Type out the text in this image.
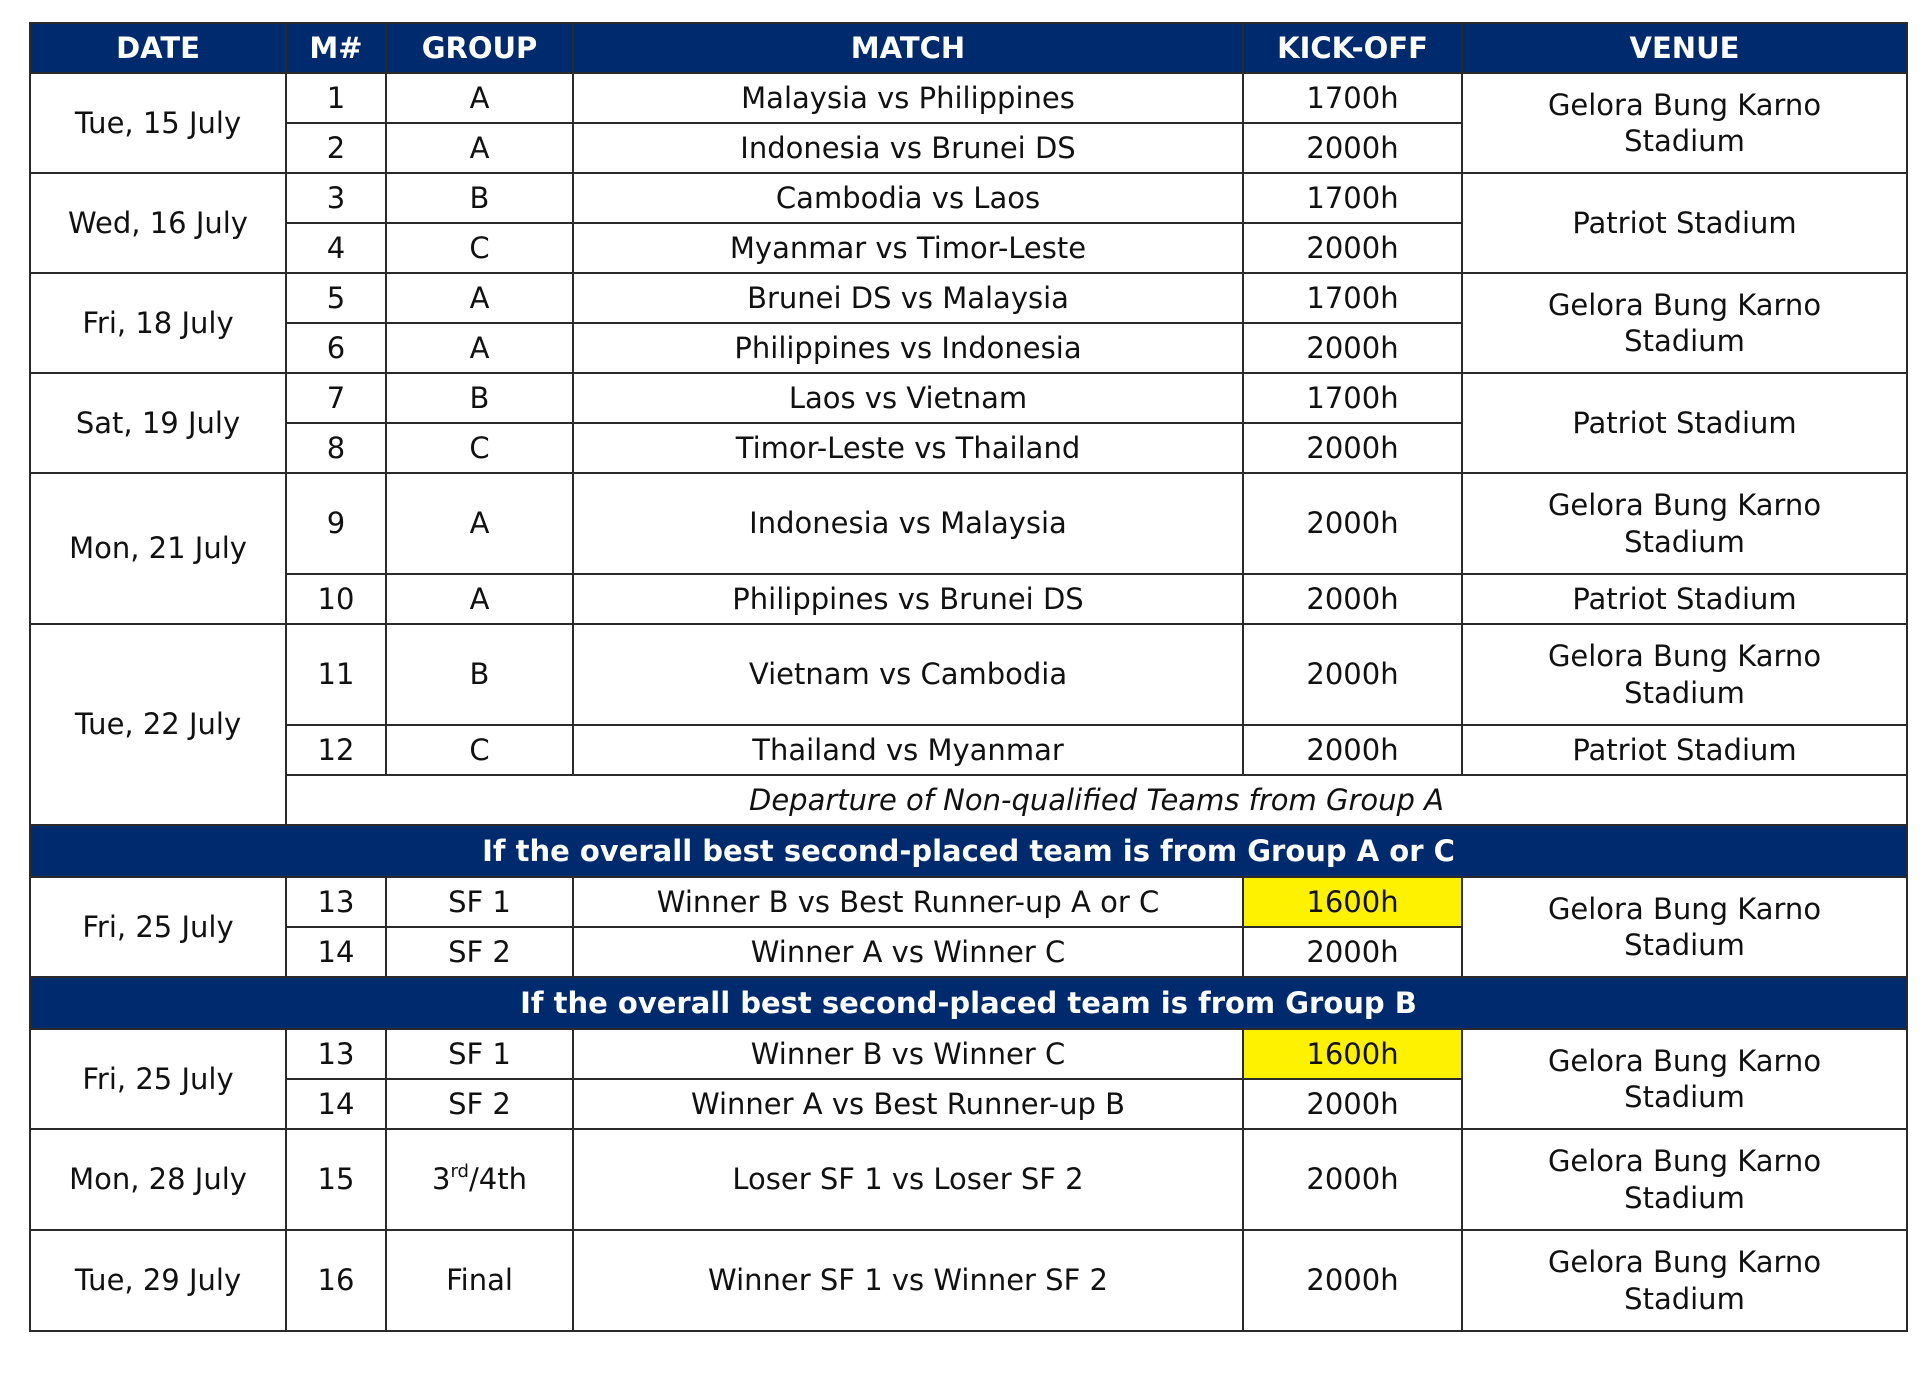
DATE	M#	GROUP	MATCH	KICK-OFF	VENUE
Tue, 15 July	1	A	Malaysia vs Philippines	1700h	Gelora Bung Karno
Stadium

	2	A	Indonesia vs Brunei DS	2000h	
Wed, 16 July	3	B	Cambodia vs Laos	1700h	Patriot Stadium
	4	C	Myanmar vs Timor-Leste	2000h	
Fri, 18 July	5	A	Brunei DS vs Malaysia	1700h	Gelora Bung Karno
Stadium

	6	A	Philippines vs Indonesia	2000h	
Sat, 19 July	7	B	Laos vs Vietnam	1700h	Patriot Stadium
	8	C	Timor-Leste vs Thailand	2000h	
Mon, 21 July	9	A	Indonesia vs Malaysia	2000h	Gelora Bung Karno
Stadium

	10	A	Philippines vs Brunei DS	2000h	Patriot Stadium
Tue, 22 July	11	B	Vietnam vs Cambodia	2000h	Gelora Bung Karno
Stadium

	12	C	Thailand vs Myanmar	2000h	Patriot Stadium
	Departure of Non-qualified Teams from Group A				
If the overall best second-placed team is from Group A or C					
Fri, 25 July	13	SF 1	Winner B vs Best Runner-up A or C	1600h	Gelora Bung Karno
Stadium

	14	SF 2	Winner A vs Winner C	2000h	
If the overall best second-placed team is from Group B					
Fri, 25 July	13	SF 1	Winner B vs Winner C	1600h	Gelora Bung Karno
Stadium

	14	SF 2	Winner A vs Best Runner-up B	2000h	
Mon, 28 July	15	3rd/4th	Loser SF 1 vs Loser SF 2	2000h	Gelora Bung Karno
Stadium

Tue, 29 July	16	Final	Winner SF 1 vs Winner SF 2	2000h	Gelora Bung Karno
Stadium
